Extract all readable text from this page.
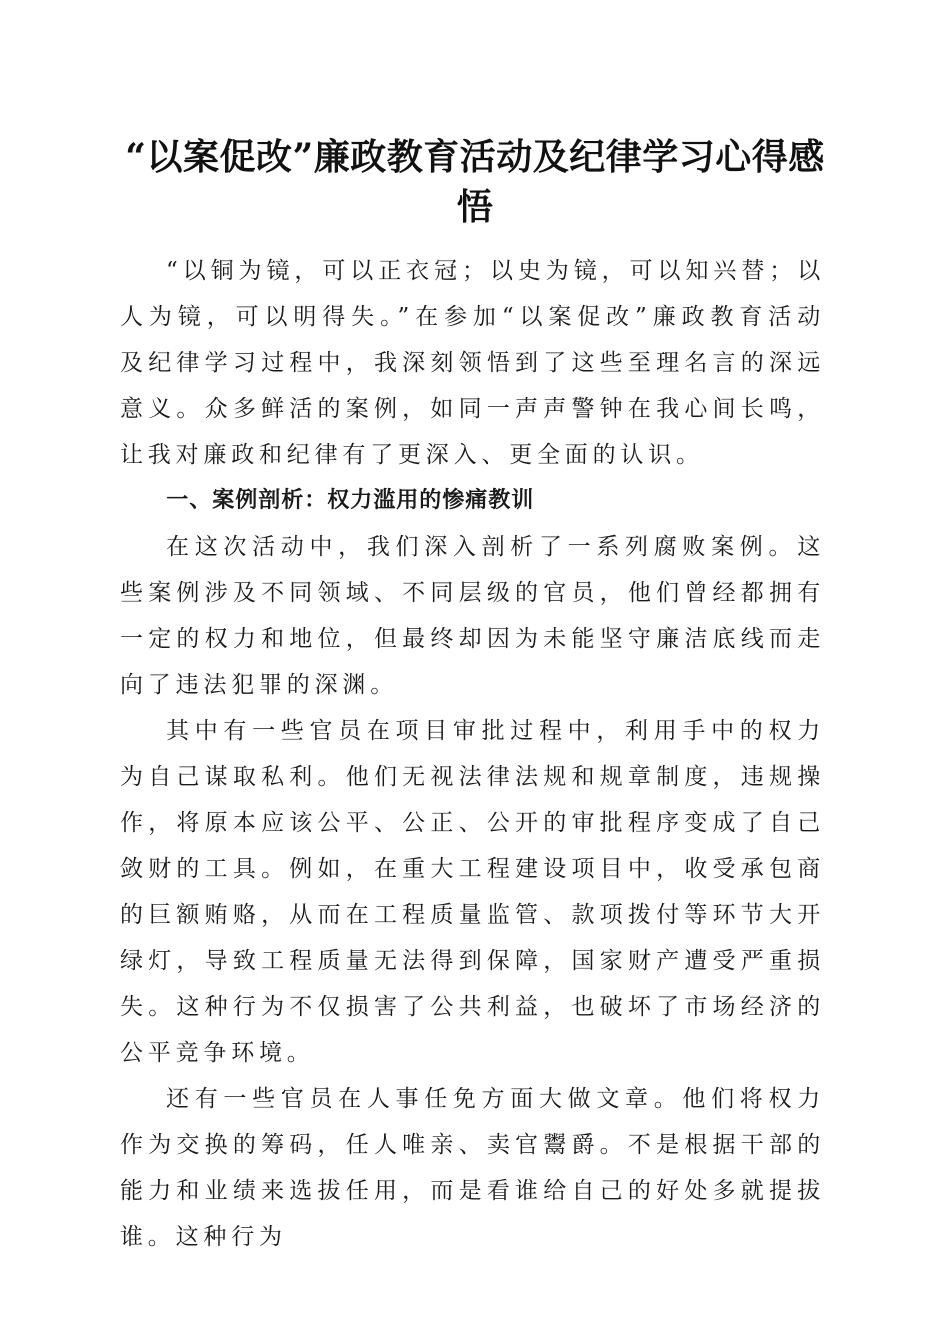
“以案促改”廉政教育活动及纪律学习心得感悟

“以铜为镜，可以正衣冠；以史为镜，可以知兴替；以人为镜，可以明得失。”在参加“以案促改”廉政教育活动及纪律学习过程中，我深刻领悟到了这些至理名言的深远意义。众多鲜活的案例，如同一声声警钟在我心间长鸣，让我对廉政和纪律有了更深入、更全面的认识。

一、案例剖析：权力滥用的惨痛教训

在这次活动中，我们深入剖析了一系列腐败案例。这些案例涉及不同领域、不同层级的官员，他们曾经都拥有一定的权力和地位，但最终却因为未能坚守廉洁底线而走向了违法犯罪的深渊。

其中有一些官员在项目审批过程中，利用手中的权力为自己谋取私利。他们无视法律法规和规章制度，违规操作，将原本应该公平、公正、公开的审批程序变成了自己敛财的工具。例如，在重大工程建设项目中，收受承包商的巨额贿赂，从而在工程质量监管、款项拨付等环节大开绿灯，导致工程质量无法得到保障，国家财产遭受严重损失。这种行为不仅损害了公共利益，也破坏了市场经济的公平竞争环境。

还有一些官员在人事任免方面大做文章。他们将权力作为交换的筹码，任人唯亲、卖官鬻爵。不是根据干部的能力和业绩来选拔任用，而是看谁给自己的好处多就提拔谁。这种行为
